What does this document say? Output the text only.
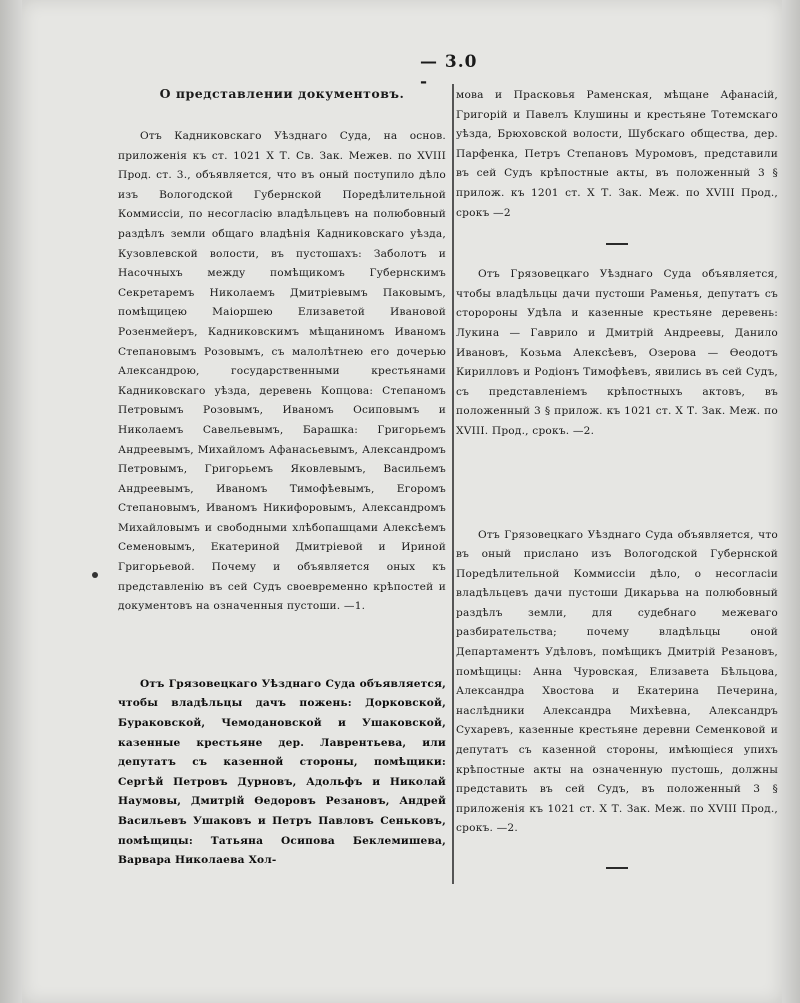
— 3.0 -

О представлении документовъ.

Отъ Кадниковскаго Уѣзднаго Суда, на основ. приложенія къ ст. 1021 Х Т. Св. Зак. Межев. по XVIII Прод. ст. 3., объявляется, что въ оный поступило дѣло изъ Вологодской Губернской Поредѣлительной Коммиссіи, по несогласію владѣльцевъ на полюбовный раздѣлъ земли общаго владѣнія Кадниковскаго уѣзда, Кузовлевской волости, въ пустошахъ: Заболотъ и Насочныхъ между помѣщикомъ Губернскимъ Секретаремъ Николаемъ Дмитріевымъ Паковымъ, помѣщицею Маіоршею Елизаветой Ивановой Розенмейеръ, Кадниковскимъ мѣщаниномъ Иваномъ Степановымъ Розовымъ, съ малолѣтнею его дочерью Александрою, государственными крестьянами Кадниковскаго уѣзда, деревень Копцова: Степаномъ Петровымъ Розовымъ, Иваномъ Осиповымъ и Николаемъ Савельевымъ, Барашка: Григорьемъ Андреевымъ, Михайломъ Афанасьевымъ, Александромъ Петровымъ, Григорьемъ Яковлевымъ, Васильемъ Андреевымъ, Иваномъ Тимофѣевымъ, Егоромъ Степановымъ, Иваномъ Никифоровымъ, Александромъ Михайловымъ и свободными хлѣбопашцами Алексѣемъ Семеновымъ, Екатериной Дмитріевой и Ириной Григорьевой. Почему и объявляется оных къ представленію въ сей Судъ своевременно крѣпостей и документовъ на означенныя пустоши. —1.

Отъ Грязовецкаго Уѣзднаго Суда объявляется, чтобы владѣльцы дачъ пожень: Дорковской, Бураковской, Чемодановской и Ушаковской, казенные крестьяне дер. Лаврентьева, или депутатъ съ казенной стороны, помѣщики: Сергѣй Петровъ Дурновъ, Адольфъ и Николай Наумовы, Дмитрій Ѳедоровъ Резановъ, Андрей Васильевъ Ушаковъ и Петръ Павловъ Сеньковъ, помѣщицы: Татьяна Осипова Беклемишева, Варвара Николаева Хол-

мова и Прасковья Раменская, мѣщане Афанасій, Григорій и Павелъ Клушины и крестьяне Тотемскаго уѣзда, Брюховской волости, Шубскаго общества, дер. Парфенка, Петръ Степановъ Муромовъ, представили въ сей Судъ крѣпостные акты, въ положенный 3 § прилож. къ 1201 ст. Х Т. Зак. Меж. по XVIII Прод., срокъ —2

Отъ Грязовецкаго Уѣзднаго Суда объявляется, чтобы владѣльцы дачи пустоши Раменья, депутатъ съ сторороны Удѣла и казенные крестьяне деревень: Лукина — Гаврило и Дмитрій Андреевы, Данило Ивановъ, Козьма Алексѣевъ, Озерова — Ѳеодотъ Кирилловъ и Родіонъ Тимофѣевъ, явились въ сей Судъ, съ представленіемъ крѣпостныхъ актовъ, въ положенный 3 § прилож. къ 1021 ст. Х Т. Зак. Меж. по XVIII. Прод., срокъ. —2.

Отъ Грязовецкаго Уѣзднаго Суда объявляется, что въ оный прислано изъ Вологодской Губернской Поредѣлительной Коммиссіи дѣло, о несогласіи владѣльцевъ дачи пустоши Дикарьва на полюбовный раздѣлъ земли, для судебнаго межеваго разбирательства; почему владѣльцы оной Департаментъ Удѣловъ, помѣщикъ Дмитрій Резановъ, помѣщицы: Анна Чуровская, Елизавета Бѣльцова, Александра Хвостова и Екатерина Печерина, наслѣдники Александра Михѣевна, Александръ Сухаревъ, казенные крестьяне деревни Семенковой и депутатъ съ казенной стороны, имѣющіеся упихъ крѣпостные акты на означенную пустошь, должны представить въ сей Судъ, въ положенный 3 § приложенія къ 1021 ст. Х Т. Зак. Меж. по XVIII Прод., срокъ. —2.
